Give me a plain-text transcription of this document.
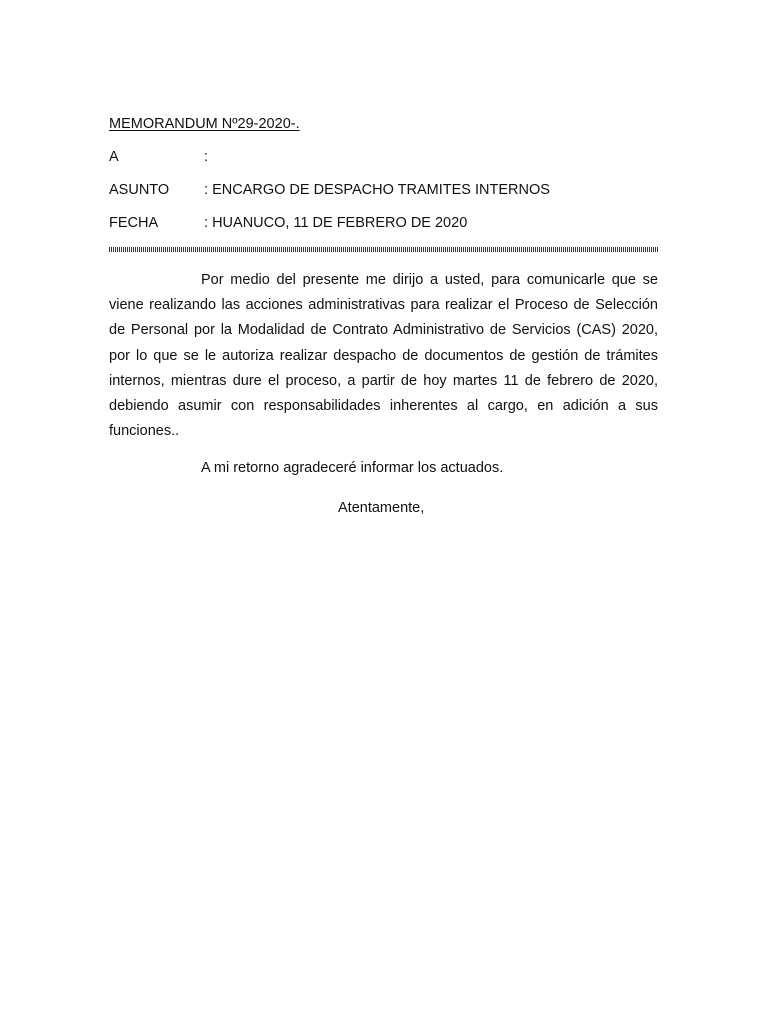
MEMORANDUM Nº29-2020-.
A	:
ASUNTO : ENCARGO DE DESPACHO TRAMITES INTERNOS
FECHA	: HUANUCO, 11 DE FEBRERO DE 2020

Por medio del presente me dirijo a usted, para comunicarle que se viene realizando las acciones administrativas para realizar el Proceso de Selección de Personal por la Modalidad de Contrato Administrativo de Servicios (CAS) 2020, por lo que se le autoriza realizar despacho de documentos de gestión de trámites internos, mientras dure el proceso, a partir de hoy martes 11 de febrero de 2020, debiendo asumir con responsabilidades inherentes al cargo, en adición a sus funciones..

A mi retorno agradeceré informar los actuados.

Atentamente,
